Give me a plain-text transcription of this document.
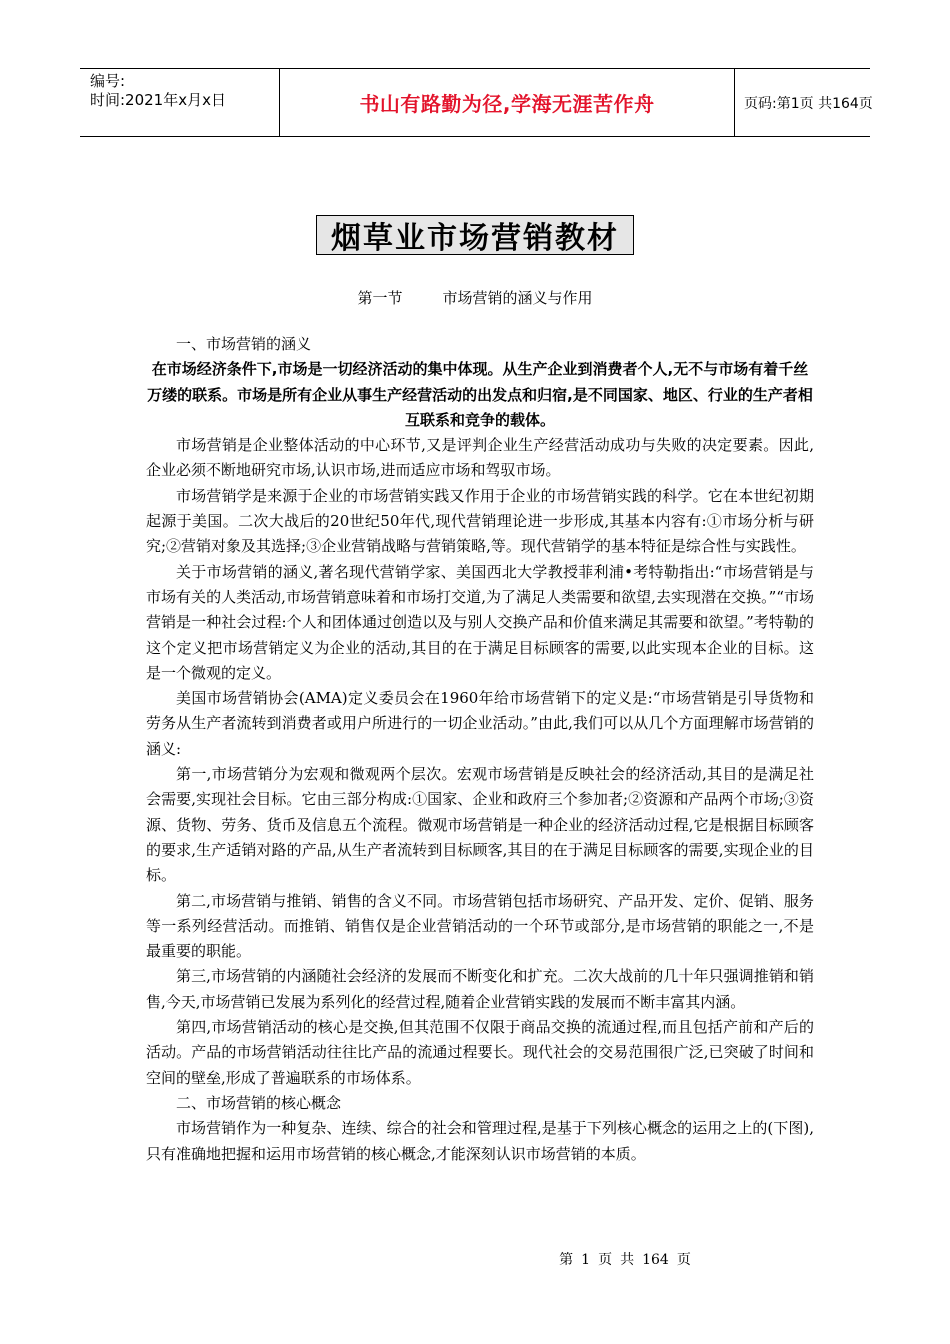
编号:
时间:2021年x月x日	书山有路勤为径,学海无涯苦作舟	页码:第1页 共164页
烟草业市场营销教材
第一节	市场营销的涵义与作用

一、市场营销的涵义

在市场经济条件下,市场是一切经济活动的集中体现。从生产企业到消费者个人,无不与市场有着千丝万缕的联系。市场是所有企业从事生产经营活动的出发点和归宿,是不同国家、地区、行业的生产者相互联系和竞争的载体。

市场营销是企业整体活动的中心环节,又是评判企业生产经营活动成功与失败的决定要素。因此,企业必须不断地研究市场,认识市场,进而适应市场和驾驭市场。

市场营销学是来源于企业的市场营销实践又作用于企业的市场营销实践的科学。它在本世纪初期起源于美国。二次大战后的20世纪50年代,现代营销理论进一步形成,其基本内容有:①市场分析与研究;②营销对象及其选择;③企业营销战略与营销策略,等。现代营销学的基本特征是综合性与实践性。

关于市场营销的涵义,著名现代营销学家、美国西北大学教授菲利浦•考特勒指出:“市场营销是与市场有关的人类活动,市场营销意味着和市场打交道,为了满足人类需要和欲望,去实现潜在交换。”“市场营销是一种社会过程:个人和团体通过创造以及与别人交换产品和价值来满足其需要和欲望。”考特勒的这个定义把市场营销定义为企业的活动,其目的在于满足目标顾客的需要,以此实现本企业的目标。这是一个微观的定义。

美国市场营销协会(AMA)定义委员会在1960年给市场营销下的定义是:“市场营销是引导货物和劳务从生产者流转到消费者或用户所进行的一切企业活动。”由此,我们可以从几个方面理解市场营销的涵义:

第一,市场营销分为宏观和微观两个层次。宏观市场营销是反映社会的经济活动,其目的是满足社会需要,实现社会目标。它由三部分构成:①国家、企业和政府三个参加者;②资源和产品两个市场;③资源、货物、劳务、货币及信息五个流程。微观市场营销是一种企业的经济活动过程,它是根据目标顾客的要求,生产适销对路的产品,从生产者流转到目标顾客,其目的在于满足目标顾客的需要,实现企业的目标。

第二,市场营销与推销、销售的含义不同。市场营销包括市场研究、产品开发、定价、促销、服务等一系列经营活动。而推销、销售仅是企业营销活动的一个环节或部分,是市场营销的职能之一,不是最重要的职能。

第三,市场营销的内涵随社会经济的发展而不断变化和扩充。二次大战前的几十年只强调推销和销售,今天,市场营销已发展为系列化的经营过程,随着企业营销实践的发展而不断丰富其内涵。

第四,市场营销活动的核心是交换,但其范围不仅限于商品交换的流通过程,而且包括产前和产后的活动。产品的市场营销活动往往比产品的流通过程要长。现代社会的交易范围很广泛,已突破了时间和空间的壁垒,形成了普遍联系的市场体系。

二、市场营销的核心概念

市场营销作为一种复杂、连续、综合的社会和管理过程,是基于下列核心概念的运用之上的(下图),只有准确地把握和运用市场营销的核心概念,才能深刻认识市场营销的本质。

第 1 页 共 164 页
